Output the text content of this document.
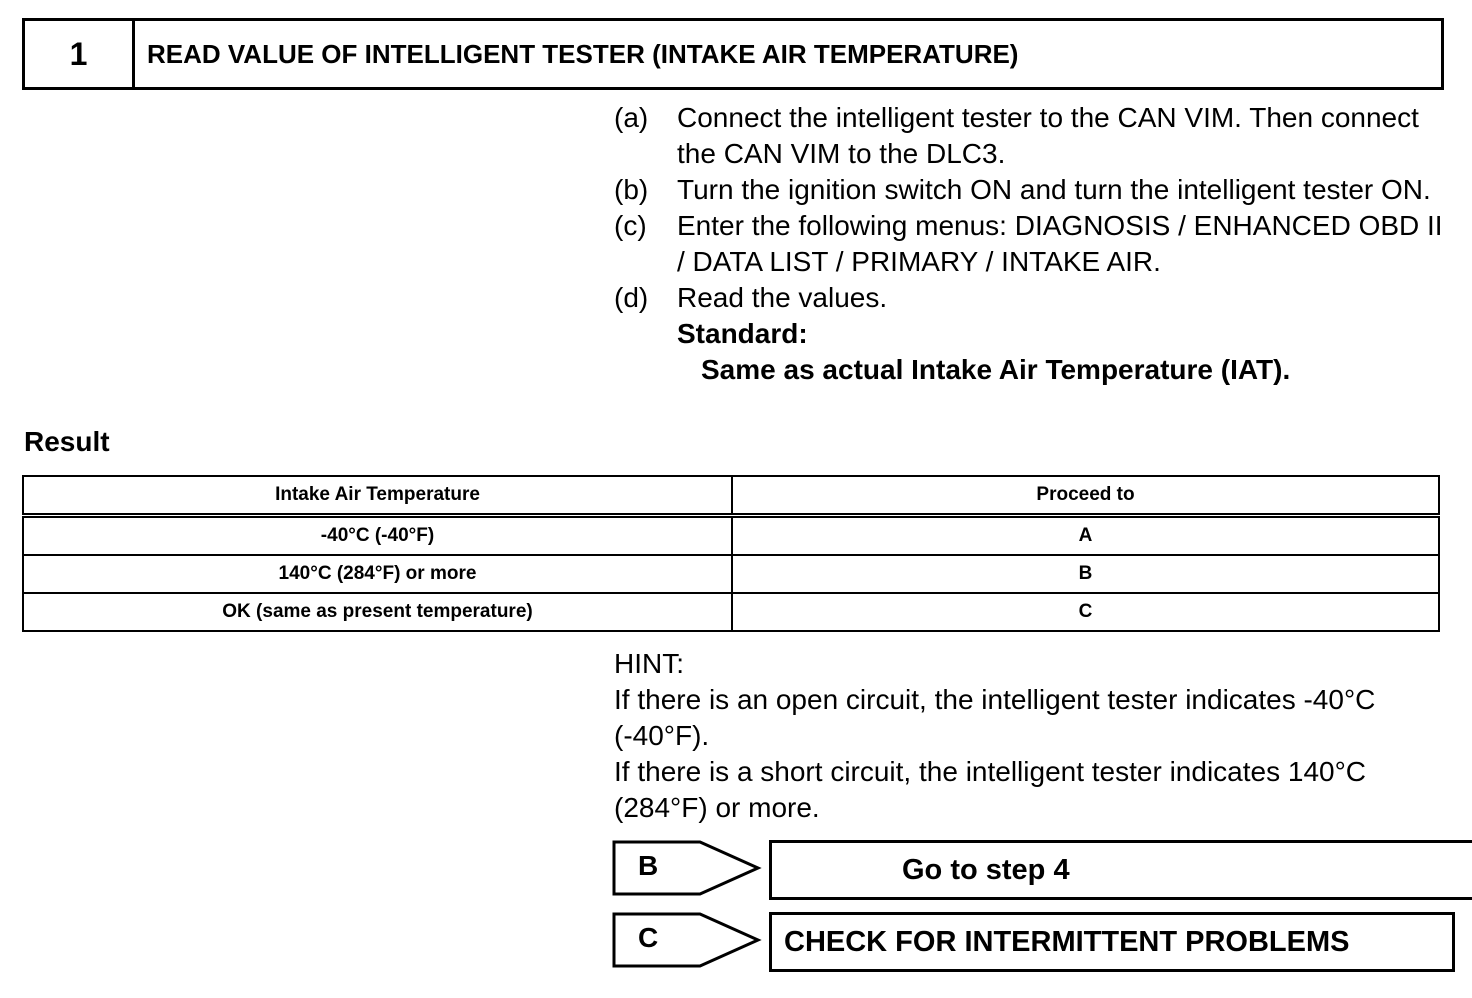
1	READ VALUE OF INTELLIGENT TESTER (INTAKE AIR TEMPERATURE)
(a)	Connect the intelligent tester to the CAN VIM. Then connect the CAN VIM to the DLC3.
(b)	Turn the ignition switch ON and turn the intelligent tester ON.
(c)	Enter the following menus: DIAGNOSIS / ENHANCED OBD II / DATA LIST / PRIMARY / INTAKE AIR.
(d)	Read the values.
Standard:
Same as actual Intake Air Temperature (IAT).
Result
Intake Air Temperature	Proceed to
-40°C (-40°F)	A
140°C (284°F) or more	B
OK (same as present temperature)	C

HINT:

If there is an open circuit, the intelligent tester indicates -40°C (-40°F).

If there is a short circuit, the intelligent tester indicates 140°C (284°F) or more.

B	Go to step 4
C	CHECK FOR INTERMITTENT PROBLEMS
